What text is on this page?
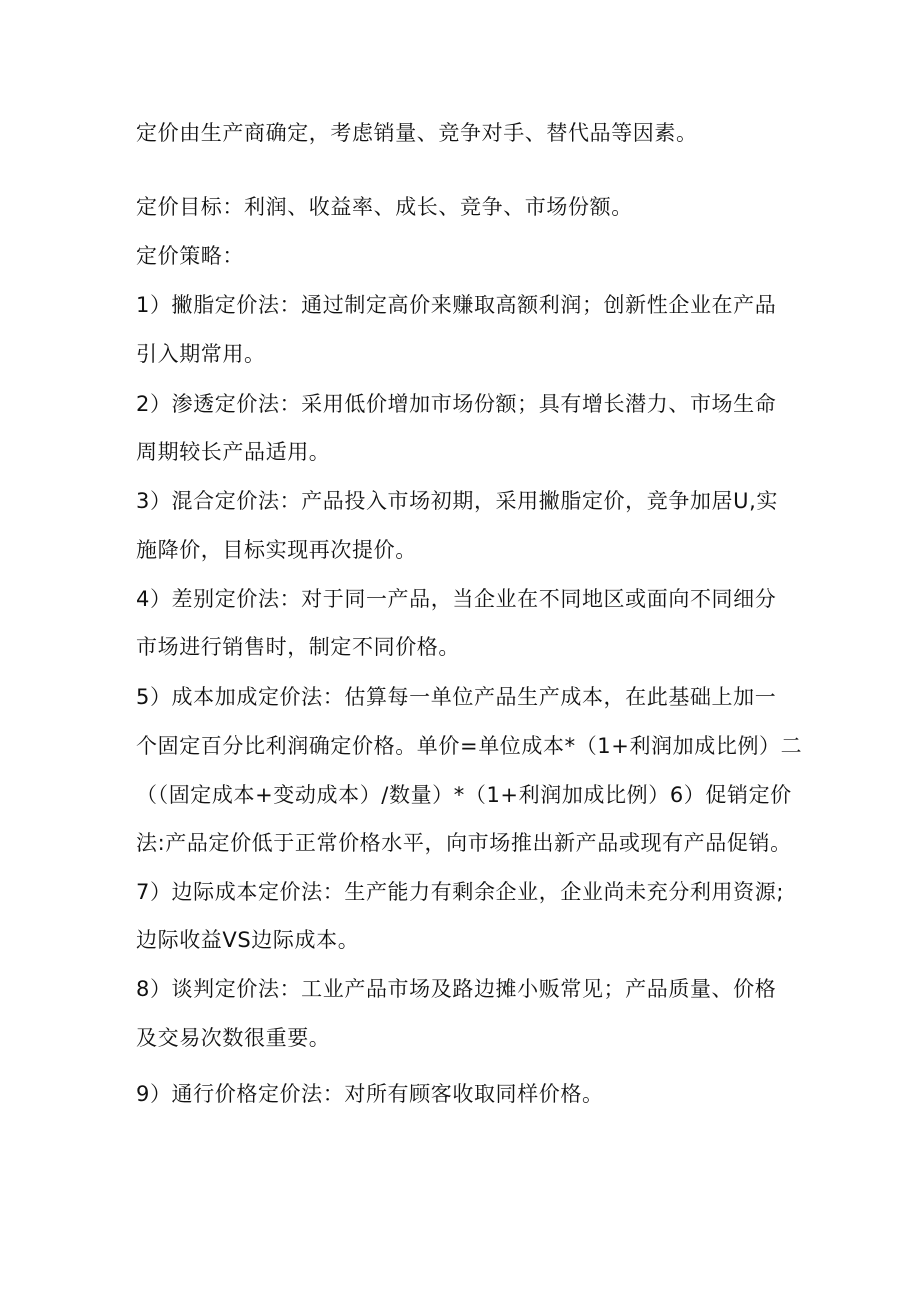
定价由生产商确定，考虑销量、竞争对手、替代品等因素。
定价目标：利润、收益率、成长、竞争、市场份额。
定价策略：
1）撇脂定价法：通过制定高价来赚取高额利润；创新性企业在产品
引入期常用。
2）渗透定价法：采用低价增加市场份额；具有增长潜力、市场生命
周期较长产品适用。
3）混合定价法：产品投入市场初期，采用撇脂定价，竞争加居U,实
施降价，目标实现再次提价。
4）差别定价法：对于同一产品，当企业在不同地区或面向不同细分
市场进行销售时，制定不同价格。
5）成本加成定价法：估算每一单位产品生产成本，在此基础上加一
个固定百分比利润确定价格。单价=单位成本*（1+利润加成比例）二
（（固定成本+变动成本）/数量）*（1+利润加成比例）6）促销定价
法:产品定价低于正常价格水平，向市场推出新产品或现有产品促销。
7）边际成本定价法：生产能力有剩余企业，企业尚未充分利用资源;
边际收益VS边际成本。
8）谈判定价法：工业产品市场及路边摊小贩常见；产品质量、价格
及交易次数很重要。
9）通行价格定价法：对所有顾客收取同样价格。
